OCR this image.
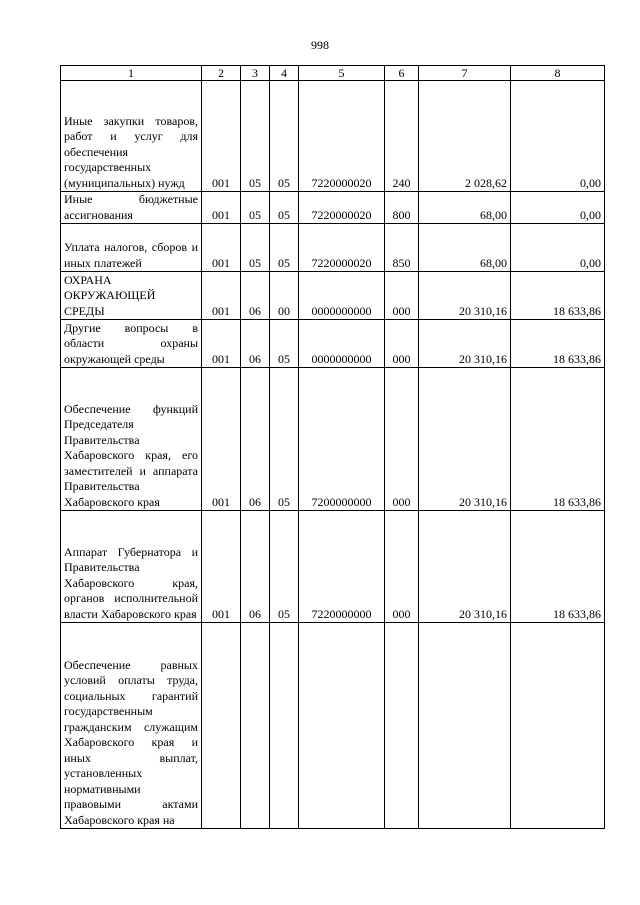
998
1	2	3	4	5	6	7	8
Иные закупки товаров, работ и услуг для обеспечения государственных (муниципальных) нужд	001	05	05	7220000020	240	2 028,62	0,00
Иные бюджетные ассигнования	001	05	05	7220000020	800	68,00	0,00
Уплата налогов, сборов и иных платежей	001	05	05	7220000020	850	68,00	0,00
ОХРАНА ОКРУЖАЮЩЕЙ СРЕДЫ	001	06	00	0000000000	000	20 310,16	18 633,86
Другие вопросы в области охраны окружающей среды	001	06	05	0000000000	000	20 310,16	18 633,86
Обеспечение функций Председателя Правительства Хабаровского края, его заместителей и аппарата Правительства Хабаровского края	001	06	05	7200000000	000	20 310,16	18 633,86
Аппарат Губернатора и Правительства Хабаровского края, органов исполнительной власти Хабаровского края	001	06	05	7220000000	000	20 310,16	18 633,86
Обеспечение равных условий оплаты труда, социальных гарантий государственным гражданским служащим Хабаровского края и иных выплат, установленных нормативными правовыми актами Хабаровского края на							
